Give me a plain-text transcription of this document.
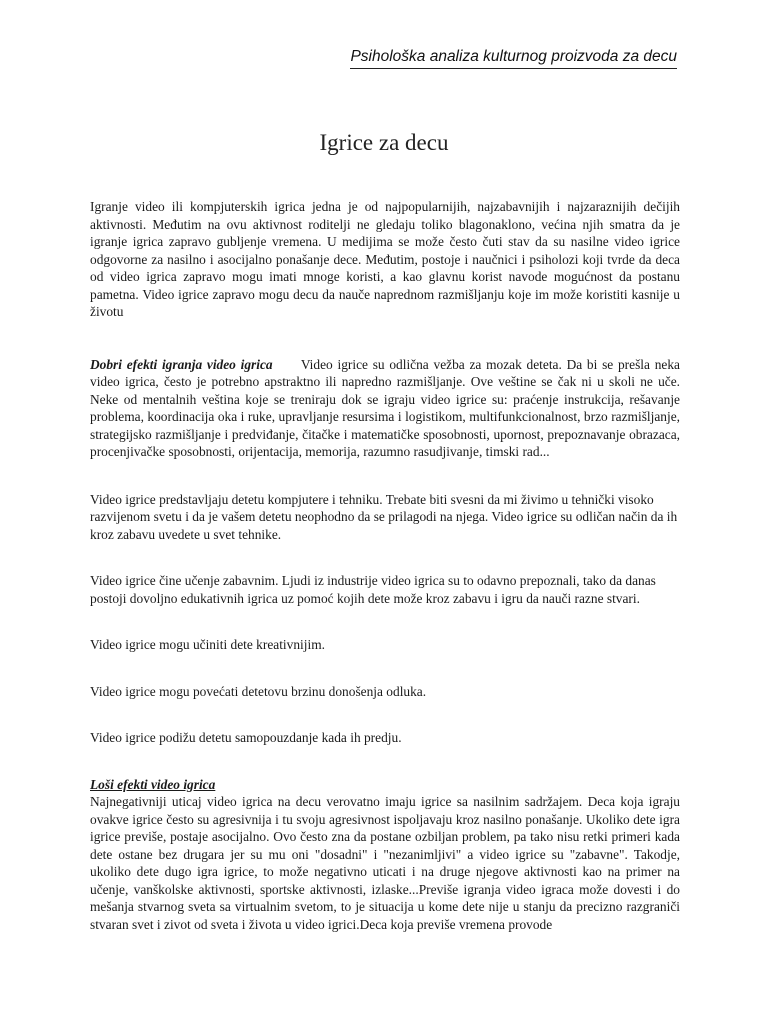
Psihološka analiza kulturnog proizvoda za decu
Igrice za decu

Igranje video ili kompjuterskih igrica jedna je od najpopularnijih, najzabavnijih i najzaraznijih dečijih aktivnosti. Međutim na ovu aktivnost roditelji ne gledaju toliko blagonaklono, većina njih smatra da je igranje igrica zapravo gubljenje vremena. U medijima se može često čuti stav da su nasilne video igrice odgovorne za nasilno i asocijalno ponašanje dece. Međutim, postoje i naučnici i psiholozi koji tvrde da deca od video igrica zapravo mogu imati mnoge koristi, a kao glavnu korist navode mogućnost da postanu pametna. Video igrice zapravo mogu decu da nauče naprednom razmišljanju koje im može koristiti kasnije u životu

Dobri efekti igranja video igrica Video igrice su odlična vežba za mozak deteta. Da bi se prešla neka video igrica, često je potrebno apstraktno ili napredno razmišljanje. Ove veštine se čak ni u skoli ne uče. Neke od mentalnih veština koje se treniraju dok se igraju video igrice su: praćenje instrukcija, rešavanje problema, koordinacija oka i ruke, upravljanje resursima i logistikom, multifunkcionalnost, brzo razmišljanje, strategijsko razmišljanje i predviđanje, čitačke i matematičke sposobnosti, upornost, prepoznavanje obrazaca, procenjivačke sposobnosti, orijentacija, memorija, razumno rasudjivanje, timski rad...

Video igrice predstavljaju detetu kompjutere i tehniku. Trebate biti svesni da mi živimo u tehnički visoko razvijenom svetu i da je vašem detetu neophodno da se prilagodi na njega. Video igrice su odličan način da ih kroz zabavu uvedete u svet tehnike.

Video igrice čine učenje zabavnim. Ljudi iz industrije video igrica su to odavno prepoznali, tako da danas postoji dovoljno edukativnih igrica uz pomoć kojih dete može kroz zabavu i igru da nauči razne stvari.

Video igrice mogu učiniti dete kreativnijim.

Video igrice mogu povećati detetovu brzinu donošenja odluka.

Video igrice podižu detetu samopouzdanje kada ih predju.

Loši efekti video igrica
Najnegativniji uticaj video igrica na decu verovatno imaju igrice sa nasilnim sadržajem. Deca koja igraju ovakve igrice često su agresivnija i tu svoju agresivnost ispoljavaju kroz nasilno ponašanje. Ukoliko dete igra igrice previše, postaje asocijalno. Ovo često zna da postane ozbiljan problem, pa tako nisu retki primeri kada dete ostane bez drugara jer su mu oni "dosadni" i "nezanimljivi" a video igrice su "zabavne". Takodje, ukoliko dete dugo igra igrice, to može negativno uticati i na druge njegove aktivnosti kao na primer na učenje, vanškolske aktivnosti, sportske aktivnosti, izlaske...Previše igranja video igraca može dovesti i do mešanja stvarnog sveta sa virtualnim svetom, to je situacija u kome dete nije u stanju da precizno razgraniči stvaran svet i zivot od sveta i života u video igrici.Deca koja previše vremena provode
